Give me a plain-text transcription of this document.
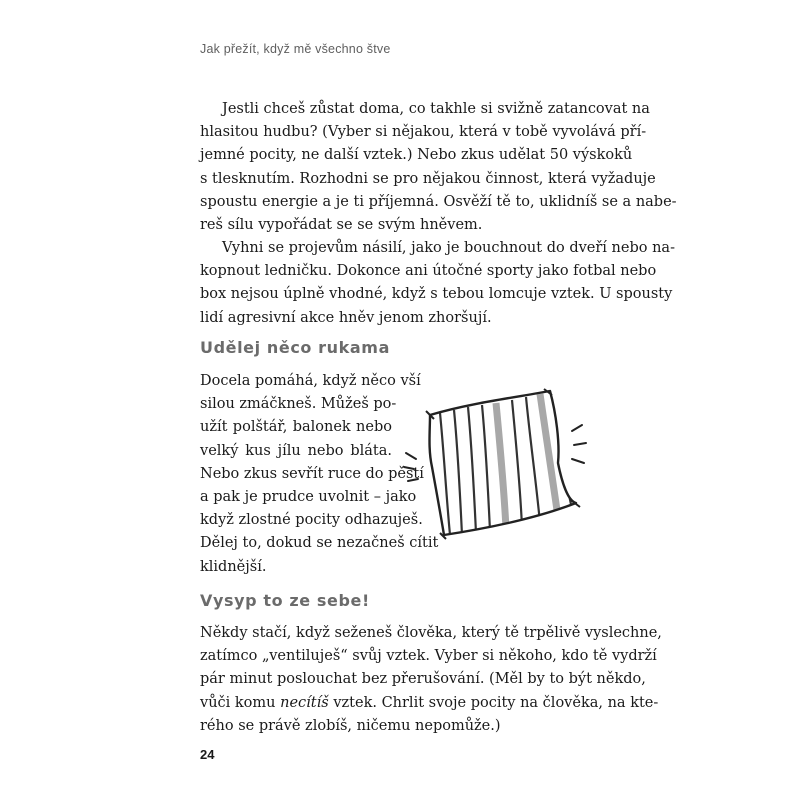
Jak přežít, když mě všechno štve

Jestli chceš zůstat doma, co takhle si svižně zatancovat na
hlasitou hudbu? (Vyber si nějakou, která v tobě vyvolává pří-
jemné pocity, ne další vztek.) Nebo zkus udělat 50 výskoků
s tlesknutím. Rozhodni se pro nějakou činnost, která vyžaduje
spoustu energie a je ti příjemná. Osvěží tě to, uklidníš se a nabe-
reš sílu vypořádat se se svým hněvem.

Vyhni se projevům násilí, jako je bouchnout do dveří nebo na-
kopnout ledničku. Dokonce ani útočné sporty jako fotbal nebo
box nejsou úplně vhodné, když s tebou lomcuje vztek. U spousty
lidí agresivní akce hněv jenom zhoršují.

Udělej něco rukama

Docela pomáhá, když něco vší
silou zmáčkneš. Můžeš po-
užít polštář, balonek nebo
velký kus jílu nebo bláta.
Nebo zkus sevřít ruce do pěstí
a pak je prudce uvolnit – jako
když zlostné pocity odhazuješ.
Dělej to, dokud se nezačneš cítit
klidnější.

Vysyp to ze sebe!

Někdy stačí, když seženeš člověka, který tě trpělivě vyslechne,
zatímco „ventiluješ“ svůj vztek. Vyber si někoho, kdo tě vydrží
pár minut poslouchat bez přerušování. (Měl by to být někdo,
vůči komu necítíš vztek. Chrlit svoje pocity na člověka, na kte-
rého se právě zlobíš, ničemu nepomůže.)

24
